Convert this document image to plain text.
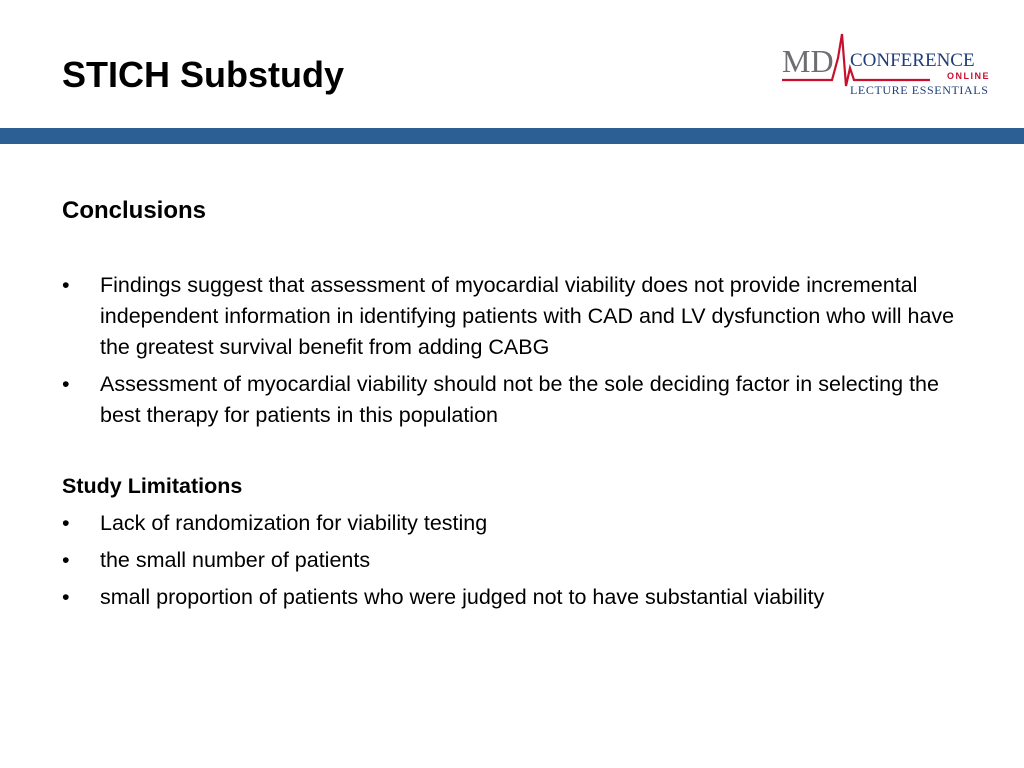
STICH Substudy	MD CONFERENCE
ONLINE
LECTURE ESSENTIALS
Conclusions
• Findings suggest that assessment of myocardial viability does not provide incremental independent information in identifying patients with CAD and LV dysfunction who will have the greatest survival benefit from adding CABG
• Assessment of myocardial viability should not be the sole deciding factor in selecting the best therapy for patients in this population
Study Limitations
• Lack of randomization for viability testing
• the small number of patients
• small proportion of patients who were judged not to have substantial viability
